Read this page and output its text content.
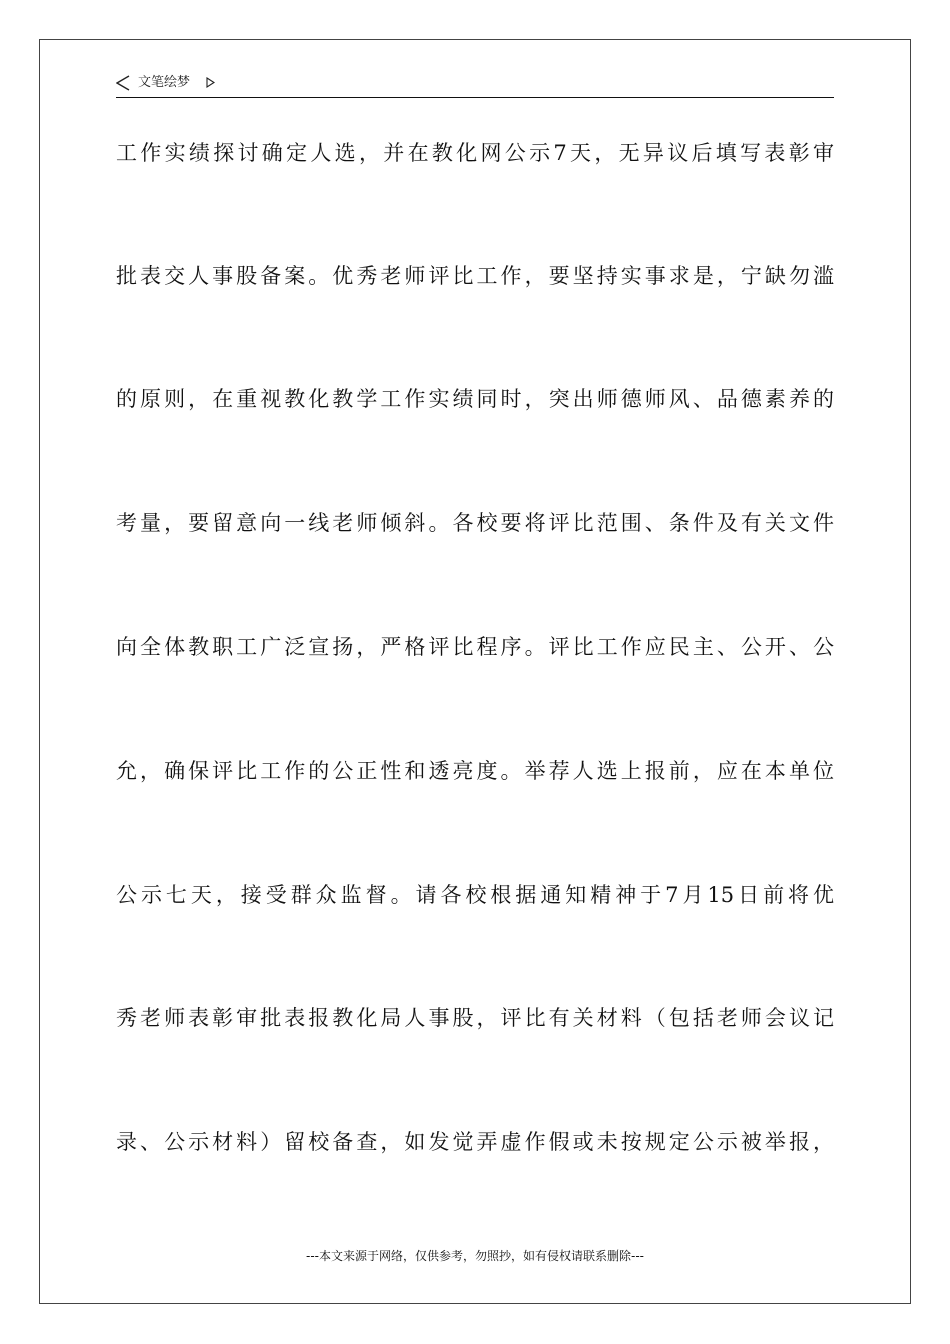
文笔绘梦
工作实绩探讨确定人选，并在教化网公示7天，无异议后填写表彰审
批表交人事股备案。优秀老师评比工作，要坚持实事求是，宁缺勿滥
的原则，在重视教化教学工作实绩同时，突出师德师风、品德素养的
考量，要留意向一线老师倾斜。各校要将评比范围、条件及有关文件
向全体教职工广泛宣扬，严格评比程序。评比工作应民主、公开、公
允，确保评比工作的公正性和透亮度。举荐人选上报前，应在本单位
公示七天，接受群众监督。请各校根据通知精神于7月15日前将优
秀老师表彰审批表报教化局人事股，评比有关材料（包括老师会议记
录、公示材料）留校备查，如发觉弄虚作假或未按规定公示被举报，
---本文来源于网络，仅供参考，勿照抄，如有侵权请联系删除---
